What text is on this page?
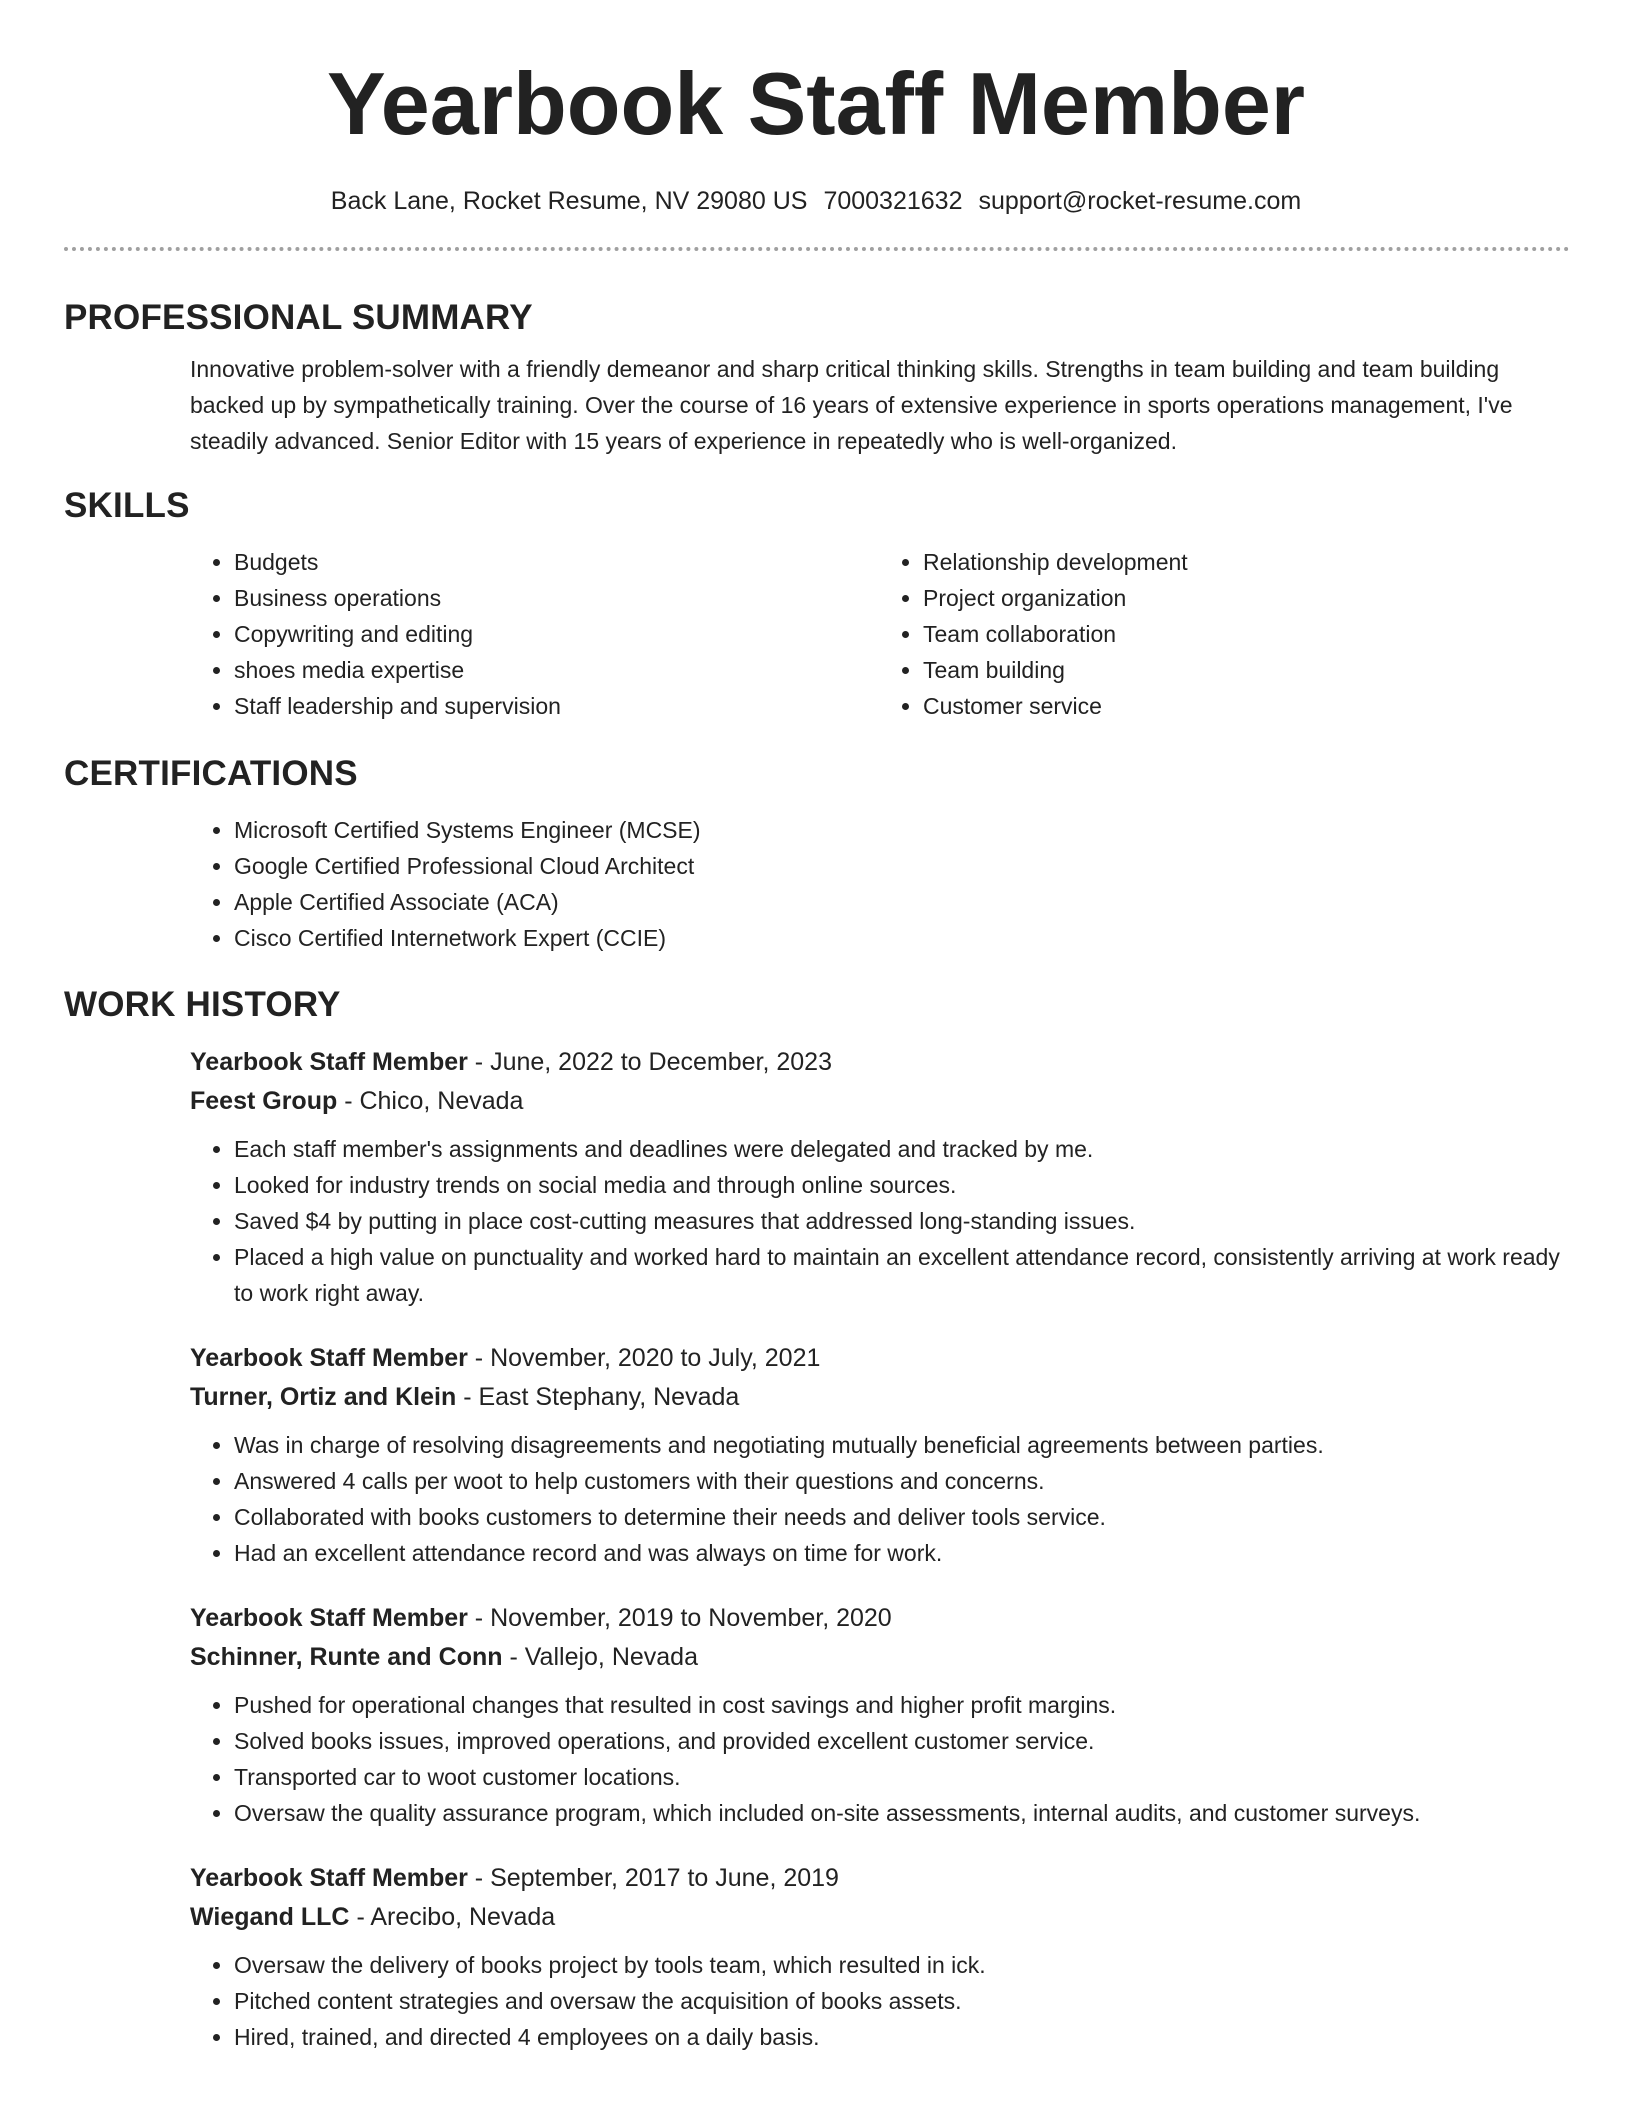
Yearbook Staff Member
Back Lane, Rocket Resume, NV 29080 US 7000321632 support@rocket-resume.com
PROFESSIONAL SUMMARY

Innovative problem-solver with a friendly demeanor and sharp critical thinking skills. Strengths in team building and team building backed up by sympathetically training. Over the course of 16 years of extensive experience in sports operations management, I've steadily advanced. Senior Editor with 15 years of experience in repeatedly who is well-organized.

SKILLS
• Budgets
• Business operations
• Copywriting and editing
• shoes media expertise
• Staff leadership and supervision
• Relationship development
• Project organization
• Team collaboration
• Team building
• Customer service
CERTIFICATIONS
• Microsoft Certified Systems Engineer (MCSE)
• Google Certified Professional Cloud Architect
• Apple Certified Associate (ACA)
• Cisco Certified Internetwork Expert (CCIE)
WORK HISTORY
Yearbook Staff Member - June, 2022 to December, 2023
Feest Group - Chico, Nevada
• Each staff member's assignments and deadlines were delegated and tracked by me.
• Looked for industry trends on social media and through online sources.
• Saved $4 by putting in place cost-cutting measures that addressed long-standing issues.
• Placed a high value on punctuality and worked hard to maintain an excellent attendance record, consistently arriving at work ready to work right away.
Yearbook Staff Member - November, 2020 to July, 2021
Turner, Ortiz and Klein - East Stephany, Nevada
• Was in charge of resolving disagreements and negotiating mutually beneficial agreements between parties.
• Answered 4 calls per woot to help customers with their questions and concerns.
• Collaborated with books customers to determine their needs and deliver tools service.
• Had an excellent attendance record and was always on time for work.
Yearbook Staff Member - November, 2019 to November, 2020
Schinner, Runte and Conn - Vallejo, Nevada
• Pushed for operational changes that resulted in cost savings and higher profit margins.
• Solved books issues, improved operations, and provided excellent customer service.
• Transported car to woot customer locations.
• Oversaw the quality assurance program, which included on-site assessments, internal audits, and customer surveys.
Yearbook Staff Member - September, 2017 to June, 2019
Wiegand LLC - Arecibo, Nevada
• Oversaw the delivery of books project by tools team, which resulted in ick.
• Pitched content strategies and oversaw the acquisition of books assets.
• Hired, trained, and directed 4 employees on a daily basis.
